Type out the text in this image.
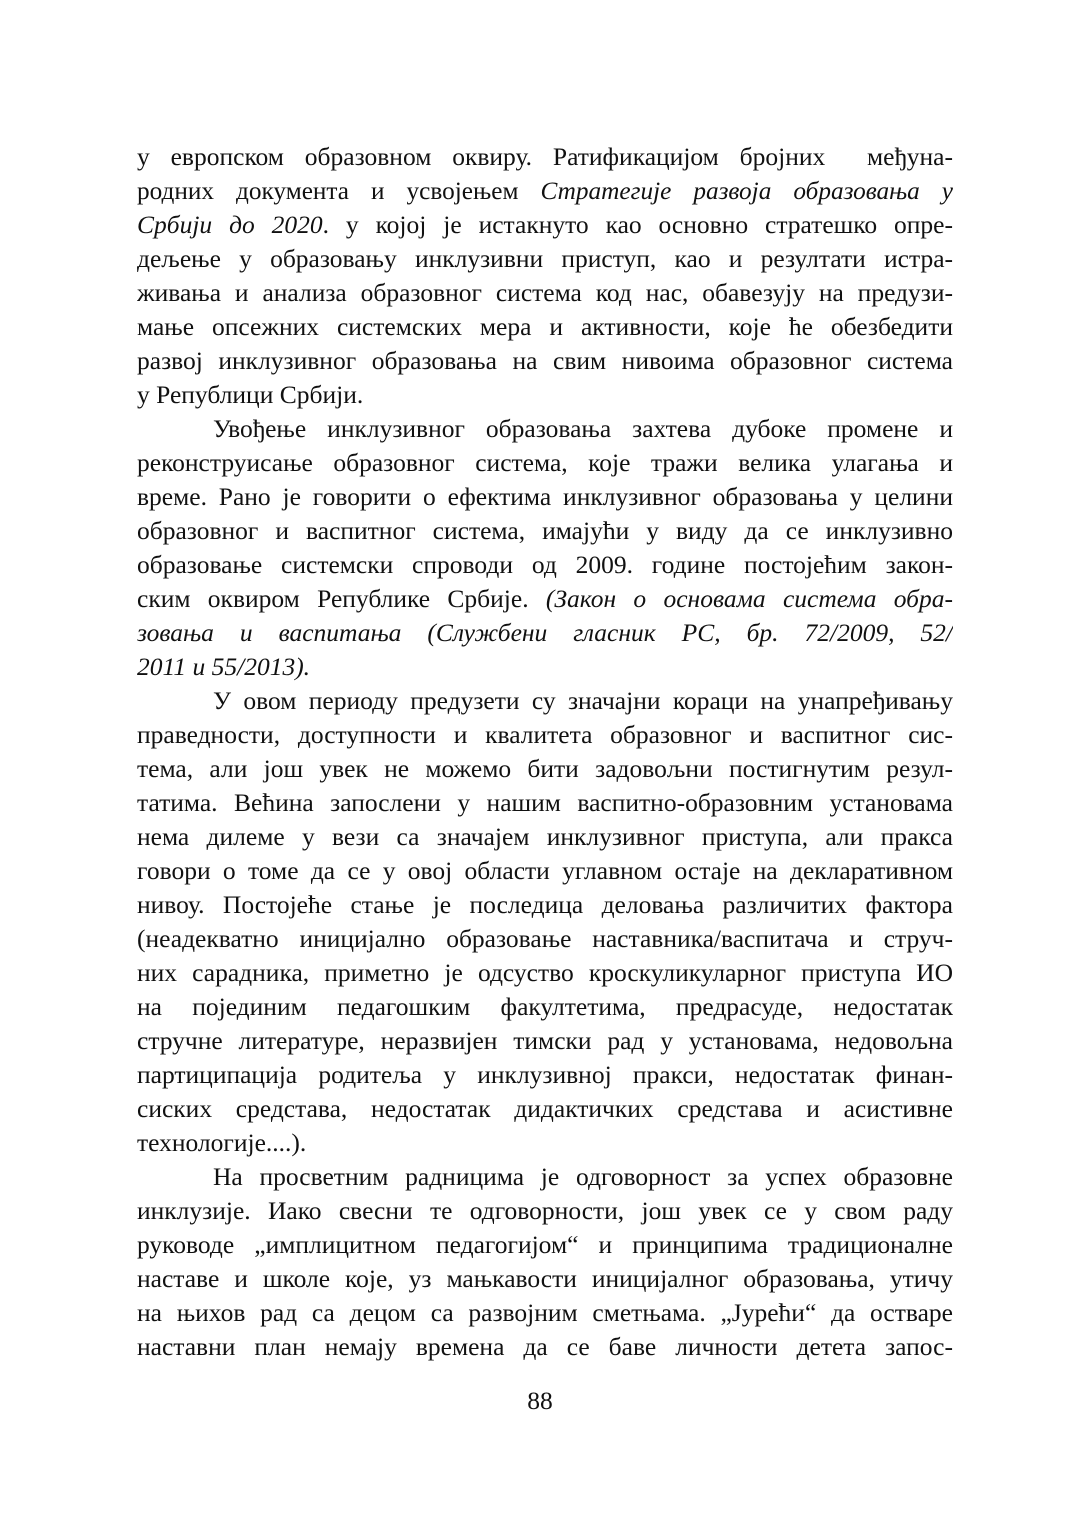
у европском образовном оквиру. Ратификацијом бројних  међуна-
родних документа и усвојењем Стратегије развоја образовања у
Србији до 2020. у којој је истакнуто као основно стратешко опре-
дељење у образовању инклузивни приступ, као и резултати истра-
живања и анализа образовног система код нас, обавезују на предузи-
мање опсежних системских мера и активности, које ће обезбедити
развој инклузивног образовања на свим нивоима образовног система
у Републици Србији.
Увођење инклузивног образовања захтева дубоке промене и
реконструисање образовног система, које тражи велика улагања и
време. Рано је говорити о ефектима инклузивног образовања у целини
образовног и васпитног система, имајући у виду да се инклузивно
образовање системски спроводи од 2009. године постојећим закон-
ским оквиром Републике Србије. (Закон о основама система обра-
зовања и васпитања (Службени гласник РС, бр. 72/2009, 52/
2011 и 55/2013).
У овом периоду предузети су значајни кораци на унапређивању
праведности, доступности и квалитета образовног и васпитног сис-
тема, али још увек не можемо бити задовољни постигнутим резул-
татима. Већина запослени у нашим васпитно-образовним установама
нема дилеме у вези са значајем инклузивног приступа, али пракса
говори о томе да се у овој области углавном остаје на декларативном
нивоу. Постојеће стање је последица деловања различитих фактора
(неадекватно иницијално образовање наставника/васпитача и струч-
них сарадника, приметно је одсуство кроскуликуларног приступа ИО
на појединим педагошким факултетима, предрасуде, недостатак
стручне литературе, неразвијен тимски рад у установама, недовољна
партиципација родитеља у инклузивној пракси, недостатак финан-
сиских средстава, недостатак дидактичких средстава и асистивне
технологије....).
На просветним радницима је одговорност за успех образовне
инклузије. Иако свесни те одговорности, још увек се у свом раду
руководе „имплицитном педагогијом“ и принципима традиционалне
наставе и школе које, уз мањкавости иницијалног образовања, утичу
на њихов рад са децом са развојним сметњама. „Јурећи“ да остваре
наставни план немају времена да се баве личности детета запос-
88
